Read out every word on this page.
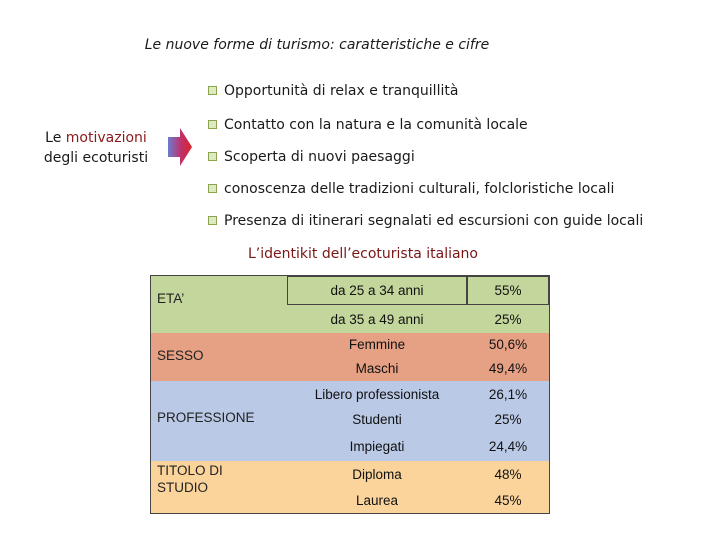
Le nuove forme di turismo: caratteristiche e cifre
Opportunità di relax e tranquillità
Contatto con la natura e la comunità locale
Scoperta di nuovi paesaggi
conoscenza delle tradizioni culturali, folcloristiche locali
Presenza di itinerari segnalati ed escursioni con guide locali
Le motivazioni
degli ecoturisti
L’identikit dell’ecoturista italiano
ETA’
da 25 a 34 anni	55%
da 35 a 49 anni	25%
SESSO
Femmine	50,6%
Maschi	49,4%
PROFESSIONE
Libero professionista	26,1%
Studenti	25%
Impiegati	24,4%
TITOLO DI STUDIO
Diploma	48%
Laurea	45%
